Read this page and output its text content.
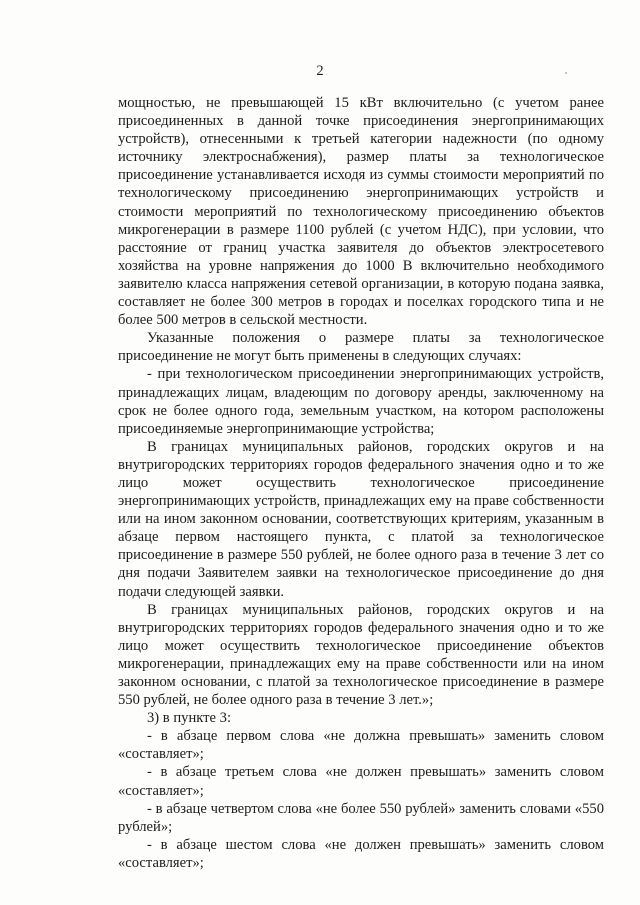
2

мощностью, не превышающей 15 кВт включительно (с учетом ранее присоединенных в данной точке присоединения энергопринимающих устройств), отнесенными к третьей категории надежности (по одному источнику электроснабжения), размер платы за технологическое присоединение устанавливается исходя из суммы стоимости мероприятий по технологическому присоединению энергопринимающих устройств и стоимости мероприятий по технологическому присоединению объектов микрогенерации в размере 1100 рублей (с учетом НДС), при условии, что расстояние от границ участка заявителя до объектов электросетевого хозяйства на уровне напряжения до 1000 В включительно необходимого заявителю класса напряжения сетевой организации, в которую подана заявка, составляет не более 300 метров в городах и поселках городского типа и не более 500 метров в сельской местности.

Указанные положения о размере платы за технологическое присоединение не могут быть применены в следующих случаях:

- при технологическом присоединении энергопринимающих устройств, принадлежащих лицам, владеющим по договору аренды, заключенному на срок не более одного года, земельным участком, на котором расположены присоединяемые энергопринимающие устройства;

В границах муниципальных районов, городских округов и на внутригородских территориях городов федерального значения одно и то же лицо может осуществить технологическое присоединение энергопринимающих устройств, принадлежащих ему на праве собственности или на ином законном основании, соответствующих критериям, указанным в абзаце первом настоящего пункта, с платой за технологическое присоединение в размере 550 рублей, не более одного раза в течение 3 лет со дня подачи Заявителем заявки на технологическое присоединение до дня подачи следующей заявки.

В границах муниципальных районов, городских округов и на внутригородских территориях городов федерального значения одно и то же лицо может осуществить технологическое присоединение объектов микрогенерации, принадлежащих ему на праве собственности или на ином законном основании, с платой за технологическое присоединение в размере 550 рублей, не более одного раза в течение 3 лет.»;

3) в пункте 3:

- в абзаце первом слова «не должна превышать» заменить словом «составляет»;

- в абзаце третьем слова «не должен превышать» заменить словом «составляет»;

- в абзаце четвертом слова «не более 550 рублей» заменить словами «550 рублей»;

- в абзаце шестом слова «не должен превышать» заменить словом «составляет»;
